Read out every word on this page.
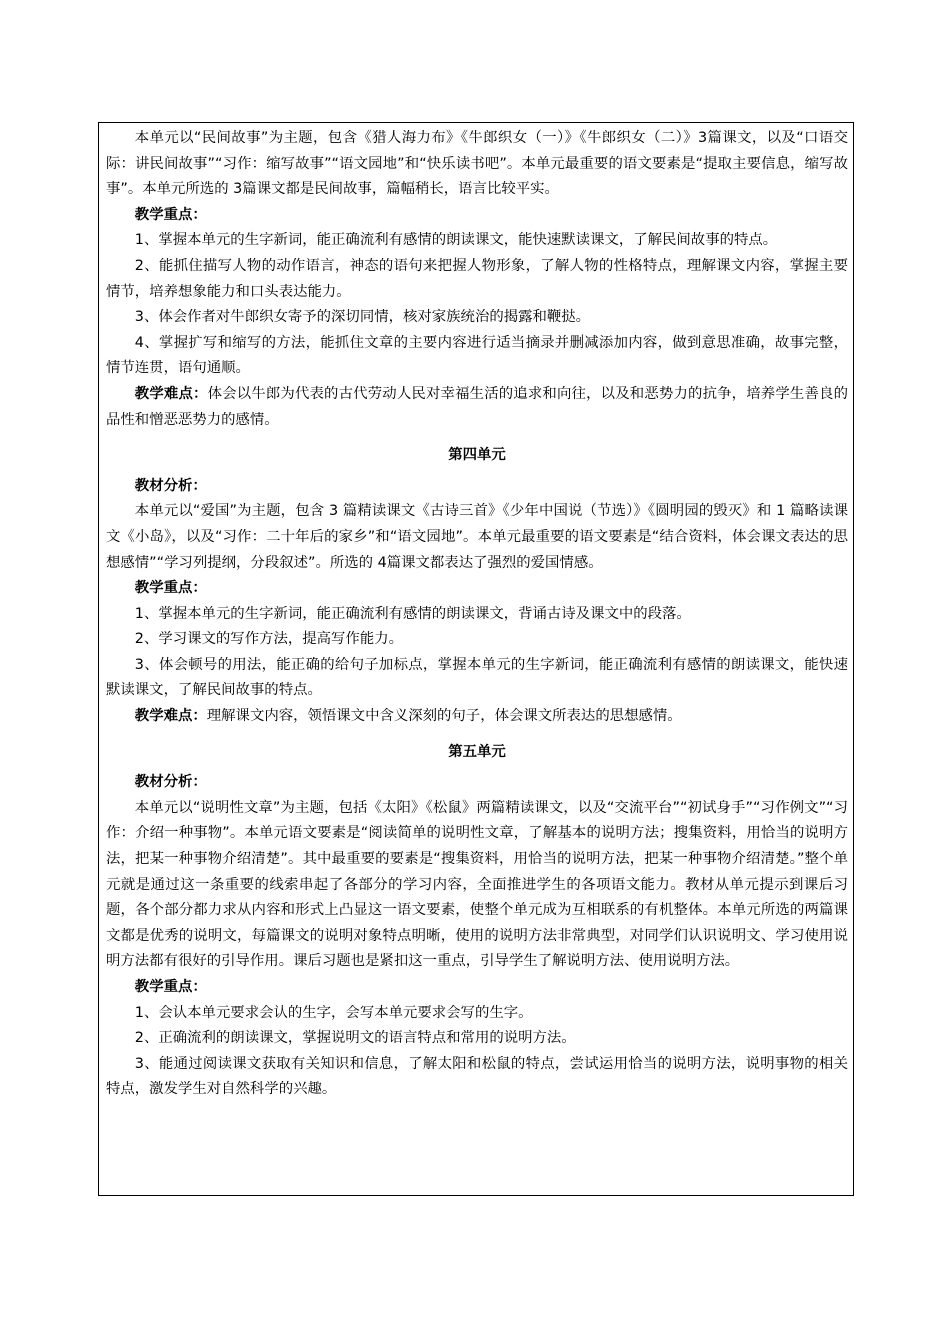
本单元以“民间故事”为主题，包含《猎人海力布》《牛郎织女（一）》《牛郎织女（二）》3篇课文，以及“口语交际：讲民间故事”“习作：缩写故事”“语文园地”和“快乐读书吧”。本单元最重要的语文要素是“提取主要信息，缩写故事”。本单元所选的 3篇课文都是民间故事，篇幅稍长，语言比较平实。

教学重点：

1、掌握本单元的生字新词，能正确流利有感情的朗读课文，能快速默读课文，了解民间故事的特点。

2、能抓住描写人物的动作语言，神态的语句来把握人物形象，了解人物的性格特点，理解课文内容，掌握主要情节，培养想象能力和口头表达能力。

3、体会作者对牛郎织女寄予的深切同情，核对家族统治的揭露和鞭挞。

4、掌握扩写和缩写的方法，能抓住文章的主要内容进行适当摘录并删减添加内容，做到意思准确，故事完整，情节连贯，语句通顺。

教学难点：体会以牛郎为代表的古代劳动人民对幸福生活的追求和向往，以及和恶势力的抗争，培养学生善良的品性和憎恶恶势力的感情。

第四单元

教材分析：

本单元以“爱国”为主题，包含 3 篇精读课文《古诗三首》《少年中国说（节选）》《圆明园的毁灭》和 1 篇略读课文《小岛》，以及“习作：二十年后的家乡”和“语文园地”。本单元最重要的语文要素是“结合资料，体会课文表达的思想感情”“学习列提纲，分段叙述”。所选的 4篇课文都表达了强烈的爱国情感。

教学重点：

1、掌握本单元的生字新词，能正确流利有感情的朗读课文，背诵古诗及课文中的段落。

2、学习课文的写作方法，提高写作能力。

3、体会顿号的用法，能正确的给句子加标点，掌握本单元的生字新词，能正确流利有感情的朗读课文，能快速默读课文，了解民间故事的特点。

教学难点：理解课文内容，领悟课文中含义深刻的句子，体会课文所表达的思想感情。

第五单元

教材分析：

本单元以“说明性文章”为主题，包括《太阳》《松鼠》两篇精读课文，以及“交流平台”“初试身手”“习作例文”“习作：介绍一种事物”。本单元语文要素是“阅读简单的说明性文章，了解基本的说明方法；搜集资料，用恰当的说明方法，把某一种事物介绍清楚”。其中最重要的要素是“搜集资料，用恰当的说明方法，把某一种事物介绍清楚。”整个单元就是通过这一条重要的线索串起了各部分的学习内容，全面推进学生的各项语文能力。教材从单元提示到课后习题，各个部分都力求从内容和形式上凸显这一语文要素，使整个单元成为互相联系的有机整体。本单元所选的两篇课文都是优秀的说明文，每篇课文的说明对象特点明晰，使用的说明方法非常典型，对同学们认识说明文、学习使用说明方法都有很好的引导作用。课后习题也是紧扣这一重点，引导学生了解说明方法、使用说明方法。

教学重点：

1、会认本单元要求会认的生字，会写本单元要求会写的生字。

2、正确流利的朗读课文，掌握说明文的语言特点和常用的说明方法。

3、能通过阅读课文获取有关知识和信息，了解太阳和松鼠的特点，尝试运用恰当的说明方法，说明事物的相关特点，激发学生对自然科学的兴趣。
